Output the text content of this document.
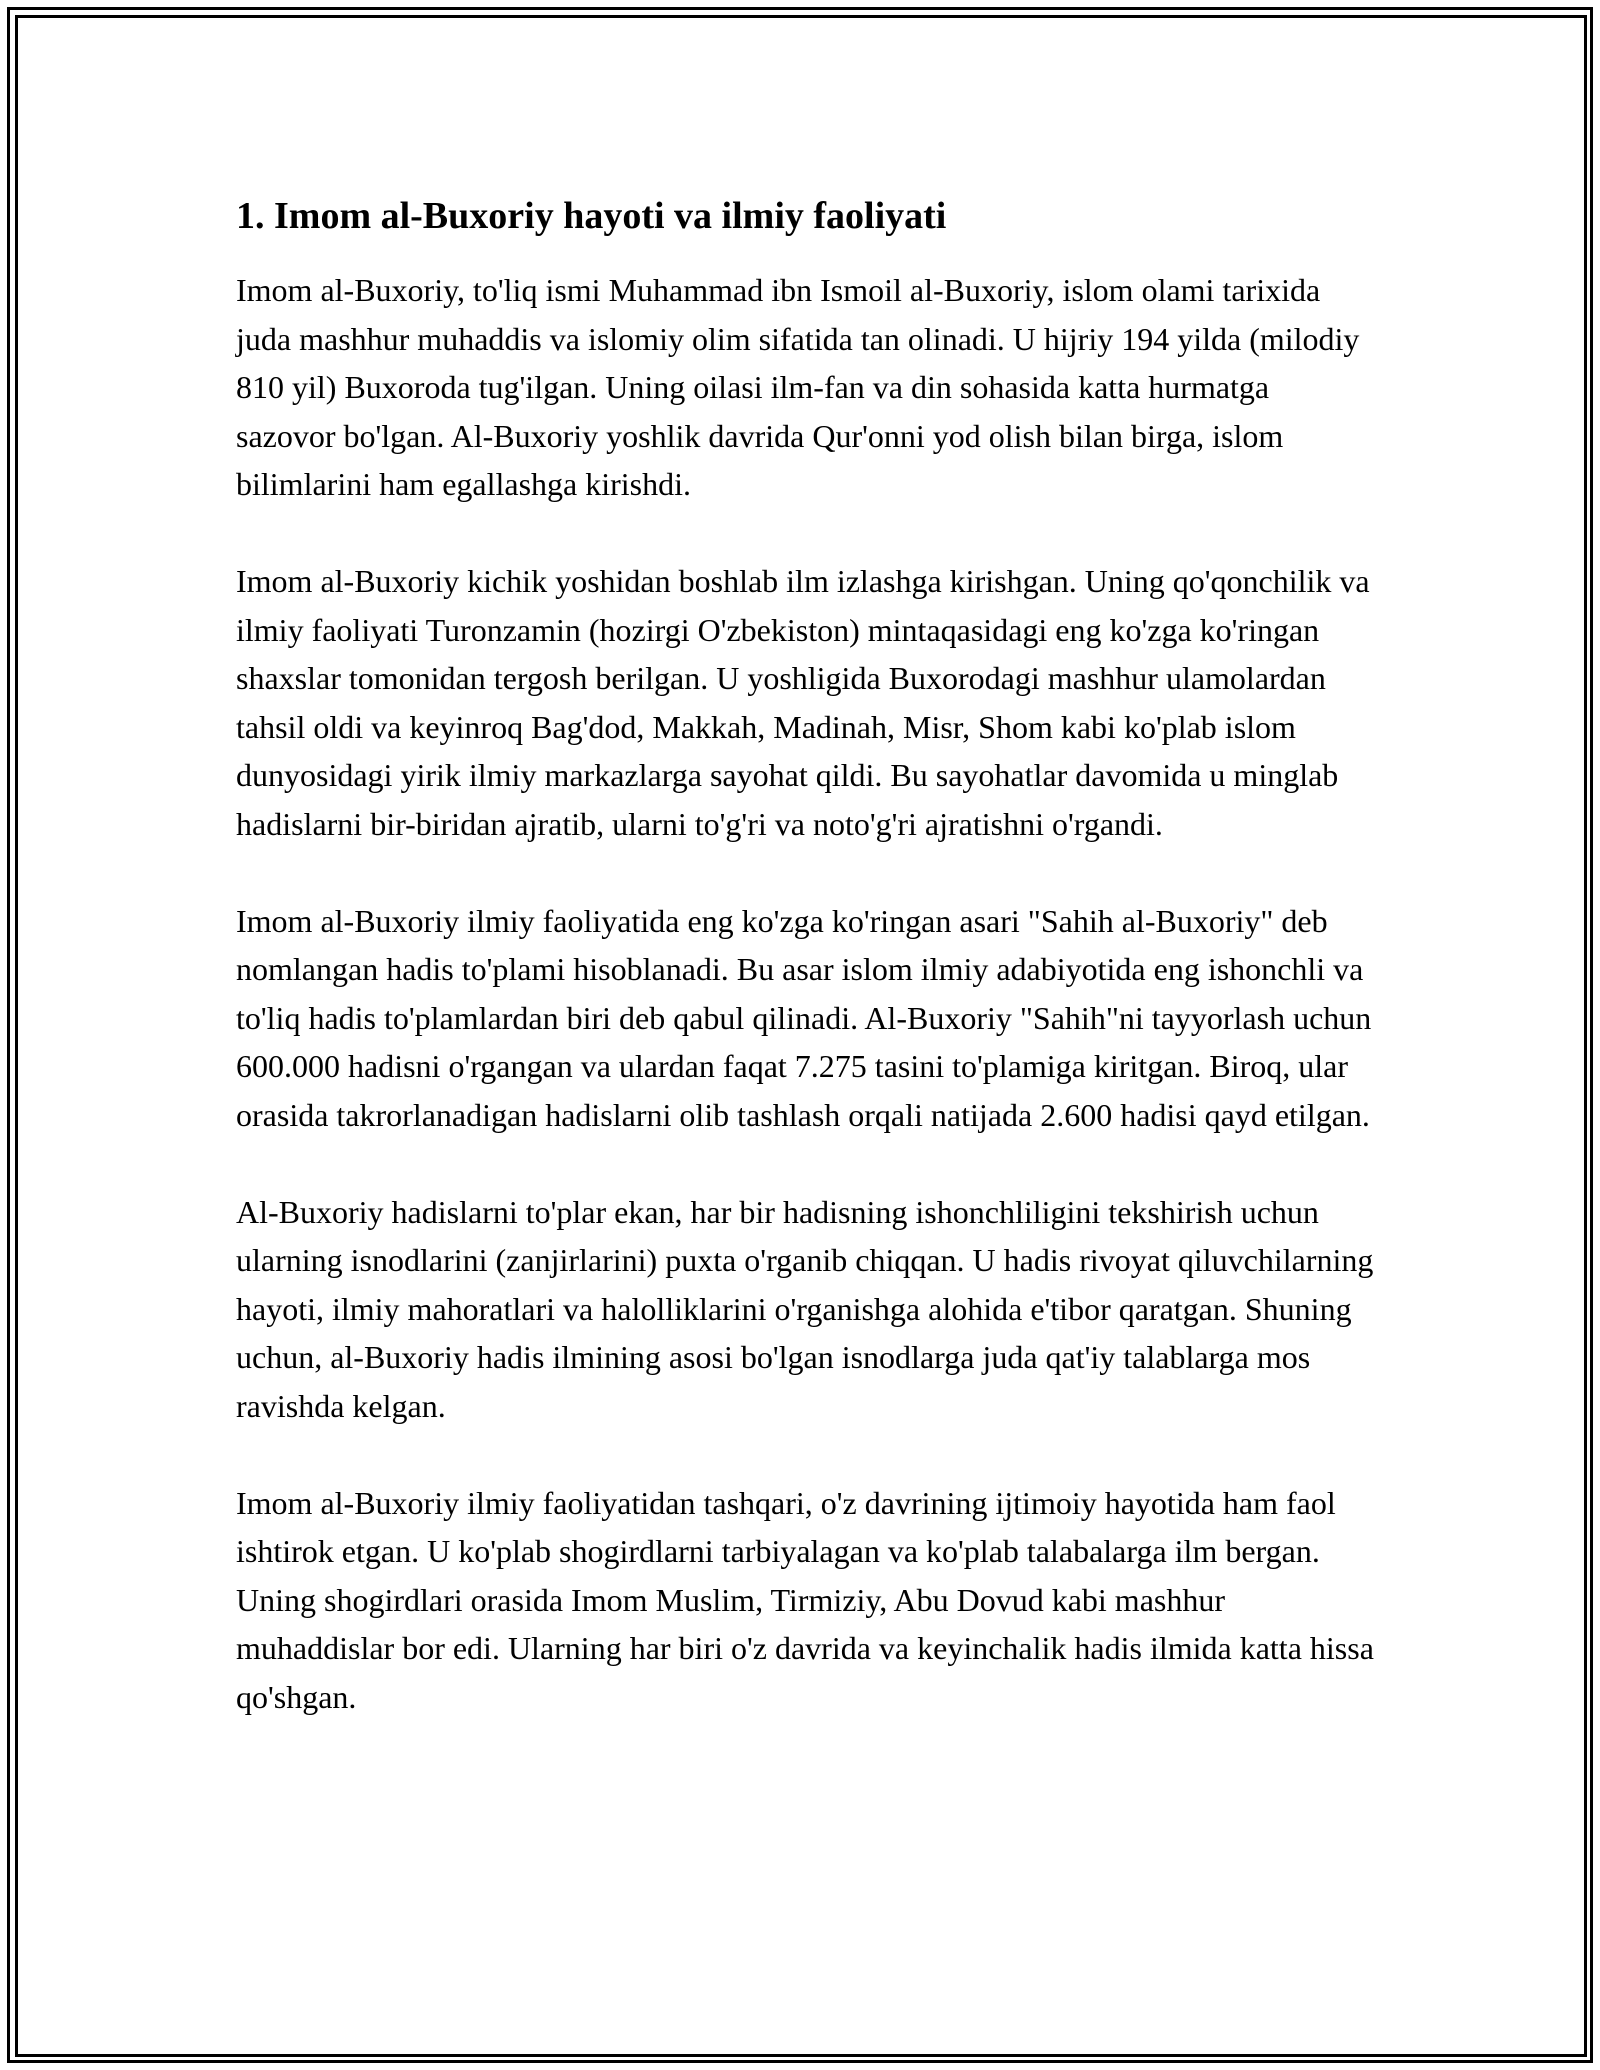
1. Imom al-Buxoriy hayoti va ilmiy faoliyati

Imom al-Buxoriy, to'liq ismi Muhammad ibn Ismoil al-Buxoriy, islom olami tarixida juda mashhur muhaddis va islomiy olim sifatida tan olinadi. U hijriy 194 yilda (milodiy 810 yil) Buxoroda tug'ilgan. Uning oilasi ilm-fan va din sohasida katta hurmatga sazovor bo'lgan. Al-Buxoriy yoshlik davrida Qur'onni yod olish bilan birga, islom bilimlarini ham egallashga kirishdi.

Imom al-Buxoriy kichik yoshidan boshlab ilm izlashga kirishgan. Uning qo'qonchilik va ilmiy faoliyati Turonzamin (hozirgi O'zbekiston) mintaqasidagi eng ko'zga ko'ringan shaxslar tomonidan tergosh berilgan. U yoshligida Buxorodagi mashhur ulamolardan tahsil oldi va keyinroq Bag'dod, Makkah, Madinah, Misr, Shom kabi ko'plab islom dunyosidagi yirik ilmiy markazlarga sayohat qildi. Bu sayohatlar davomida u minglab hadislarni bir-biridan ajratib, ularni to'g'ri va noto'g'ri ajratishni o'rgandi.

Imom al-Buxoriy ilmiy faoliyatida eng ko'zga ko'ringan asari "Sahih al-Buxoriy" deb nomlangan hadis to'plami hisoblanadi. Bu asar islom ilmiy adabiyotida eng ishonchli va to'liq hadis to'plamlardan biri deb qabul qilinadi. Al-Buxoriy "Sahih"ni tayyorlash uchun 600.000 hadisni o'rgangan va ulardan faqat 7.275 tasini to'plamiga kiritgan. Biroq, ular orasida takrorlanadigan hadislarni olib tashlash orqali natijada 2.600 hadisi qayd etilgan.

Al-Buxoriy hadislarni to'plar ekan, har bir hadisning ishonchliligini tekshirish uchun ularning isnodlarini (zanjirlarini) puxta o'rganib chiqqan. U hadis rivoyat qiluvchilarning hayoti, ilmiy mahoratlari va halolliklarini o'rganishga alohida e'tibor qaratgan. Shuning uchun, al-Buxoriy hadis ilmining asosi bo'lgan isnodlarga juda qat'iy talablarga mos ravishda kelgan.

Imom al-Buxoriy ilmiy faoliyatidan tashqari, o'z davrining ijtimoiy hayotida ham faol ishtirok etgan. U ko'plab shogirdlarni tarbiyalagan va ko'plab talabalarga ilm bergan. Uning shogirdlari orasida Imom Muslim, Tirmiziy, Abu Dovud kabi mashhur muhaddislar bor edi. Ularning har biri o'z davrida va keyinchalik hadis ilmida katta hissa qo'shgan.
